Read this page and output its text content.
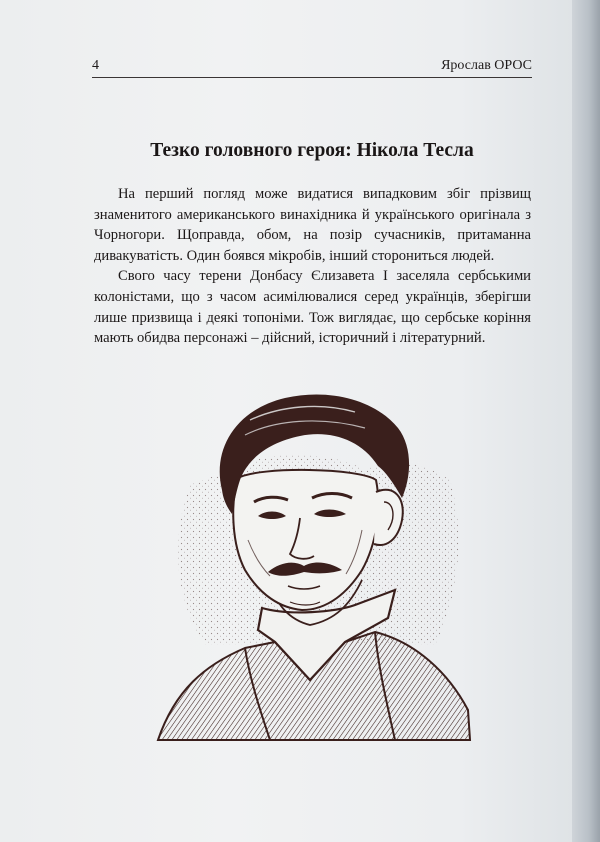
4	Ярослав ОРОС
Тезко головного героя: Нікола Тесла

На перший погляд може видатися випадковим збіг прізвищ знаменитого американського винахідника й українського оригінала з Чорногори. Щоправда, обом, на позір сучасників, притаманна дивакуватість. Один боявся мікробів, інший сторониться людей.

Свого часу терени Донбасу Єлизавета I заселяла сербськими колоністами, що з часом асимілювалися серед українців, зберігши лише призвища і деякі топоніми. Тож виглядає, що сербське коріння мають обидва персонажі – дійсний, історичний і літературний.
